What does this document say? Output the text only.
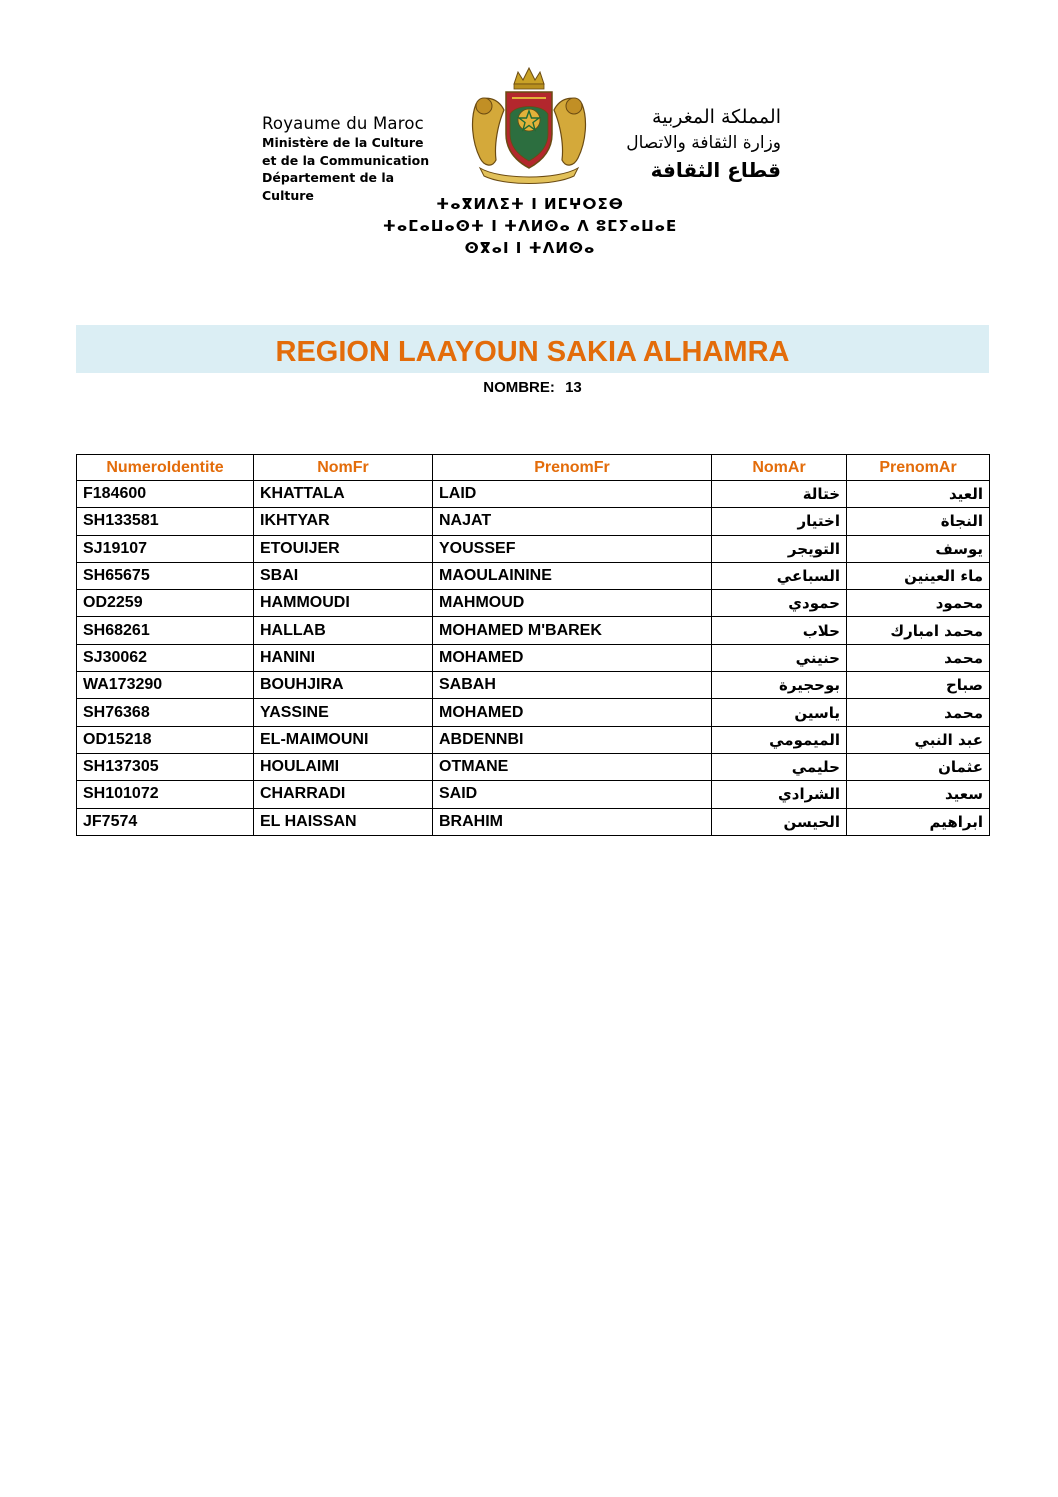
Royaume du Maroc
Ministère de la Culture
et de la Communication
Département de la Culture
المملكة المغربية
وزارة الثقافة والاتصال
قطاع الثقافة
ⵜⴰⴳⵍⴷⵉⵜ ⵏ ⵍⵎⵖⵔⵉⴱ
ⵜⴰⵎⴰⵡⴰⵙⵜ ⵏ ⵜⴷⵍⵙⴰ ⴷ ⵓⵎⵢⴰⵡⴰⴹ
ⵙⴳⴰⵏ ⵏ ⵜⴷⵍⵙⴰ
REGION LAAYOUN SAKIA ALHAMRA
NOMBRE: 13
NumeroIdentite	NomFr	PrenomFr	NomAr	PrenomAr
F184600	KHATTALA	LAID	ختالة	العيد
SH133581	IKHTYAR	NAJAT	اختيار	النجاة
SJ19107	ETOUIJER	YOUSSEF	التويجر	يوسف
SH65675	SBAI	MAOULAININE	السباعي	ماء العينين
OD2259	HAMMOUDI	MAHMOUD	حمودي	محمود
SH68261	HALLAB	MOHAMED M'BAREK	حلاب	محمد امبارك
SJ30062	HANINI	MOHAMED	حنيني	محمد
WA173290	BOUHJIRA	SABAH	بوحجيرة	صباح
SH76368	YASSINE	MOHAMED	ياسين	محمد
OD15218	EL-MAIMOUNI	ABDENNBI	الميمومي	عبد النبي
SH137305	HOULAIMI	OTMANE	حليمي	عثمان
SH101072	CHARRADI	SAID	الشرادي	سعيد
JF7574	EL HAISSAN	BRAHIM	الحيسن	ابراهيم
